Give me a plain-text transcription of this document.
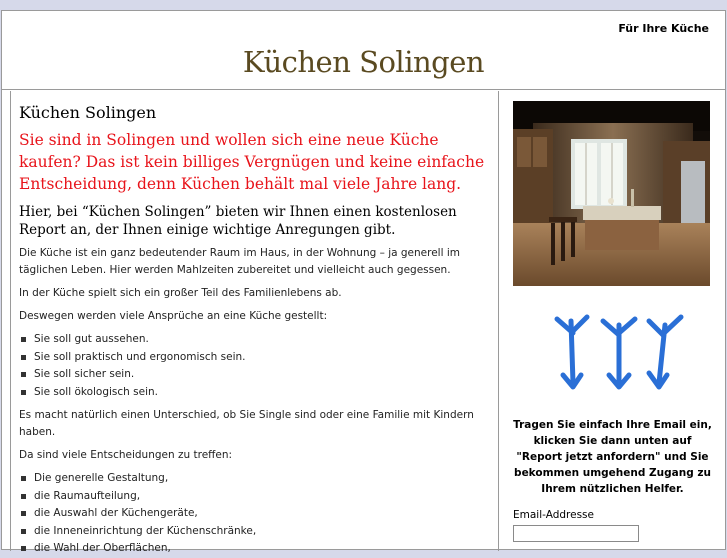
Für Ihre Küche
Küchen Solingen
Küchen Solingen

Sie sind in Solingen und wollen sich eine neue Küche kaufen? Das ist kein billiges Vergnügen und keine einfache Entscheidung, denn Küchen behält mal viele Jahre lang.

Hier, bei “Küchen Solingen” bieten wir Ihnen einen kostenlosen Report an, der Ihnen einige wichtige Anregungen gibt.

Die Küche ist ein ganz bedeutender Raum im Haus, in der Wohnung – ja generell im täglichen Leben. Hier werden Mahlzeiten zubereitet und vielleicht auch gegessen.

In der Küche spielt sich ein großer Teil des Familienlebens ab.

Deswegen werden viele Ansprüche an eine Küche gestellt:

Sie soll gut aussehen.
Sie soll praktisch und ergonomisch sein.
Sie soll sicher sein.
Sie soll ökologisch sein.

Es macht natürlich einen Unterschied, ob Sie Single sind oder eine Familie mit Kindern haben.

Da sind viele Entscheidungen zu treffen:

Die generelle Gestaltung,
die Raumaufteilung,
die Auswahl der Küchengeräte,
die Inneneinrichtung der Küchenschränke,
die Wahl der Oberflächen,
Tragen Sie einfach Ihre Email ein, klicken Sie dann unten auf "Report jetzt anfordern" und Sie bekommen umgehend Zugang zu Ihrem nützlichen Helfer.
Email-Addresse
